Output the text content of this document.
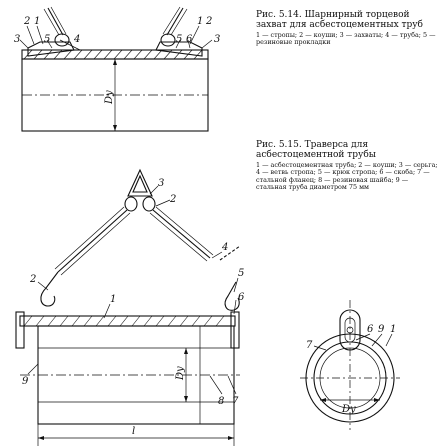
Рис. 5.14. Шарнирный торцевой захват для асбестоцементных труб
1 — стропы; 2 — коуши; 3 — захваты; 4 — труба; 5 — резиновые прокладки
Рис. 5.15. Траверса для асбестоцементной трубы
1 — асбестоцементная труба; 2 — коуши; 3 — серьга; 4 — ветвь стропа; 5 — крюк стропа; 6 — скоба; 7 — стальной фланец; 8 — резиновая шайба; 9 — стальная труба диаметром 75 мм
Dy
2 1
3 5 4
1 2
3
5 6
Dy
l
3
2
4
2
5
1	6
9
8 7
Dy
6 9 1
7
